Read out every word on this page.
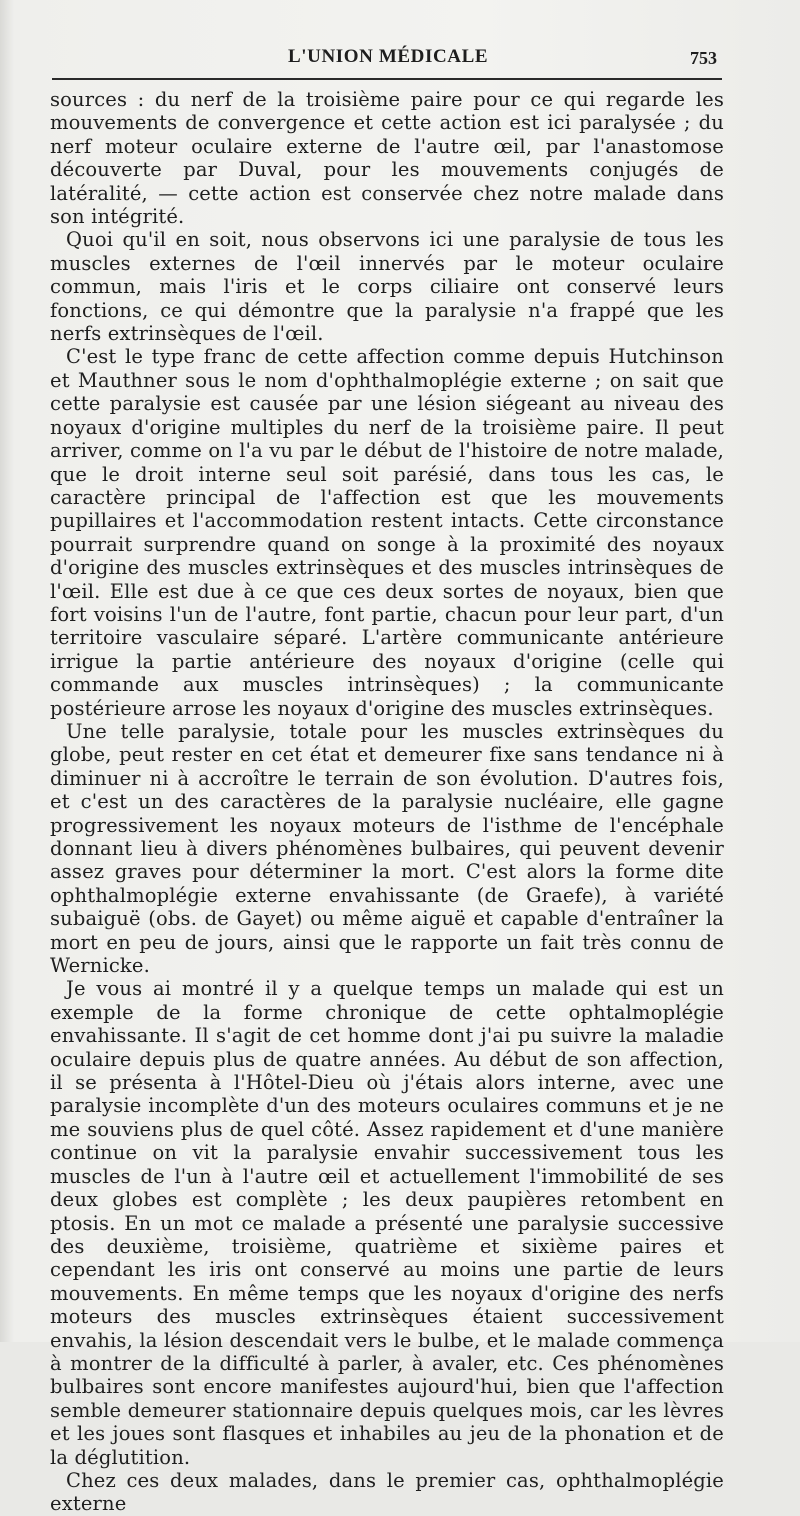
L'UNION MÉDICALE	753

sources : du nerf de la troisième paire pour ce qui regarde les mouvements de convergence et cette action est ici paralysée ; du nerf moteur oculaire externe de l'autre œil, par l'anastomose découverte par Duval, pour les mouvements conjugés de latéralité, — cette action est conservée chez notre malade dans son intégrité.

Quoi qu'il en soit, nous observons ici une paralysie de tous les muscles externes de l'œil innervés par le moteur oculaire commun, mais l'iris et le corps ciliaire ont conservé leurs fonctions, ce qui démontre que la paralysie n'a frappé que les nerfs extrinsèques de l'œil.

C'est le type franc de cette affection comme depuis Hutchinson et Mauthner sous le nom d'ophthalmoplégie externe ; on sait que cette paralysie est causée par une lésion siégeant au niveau des noyaux d'origine multiples du nerf de la troisième paire. Il peut arriver, comme on l'a vu par le début de l'histoire de notre malade, que le droit interne seul soit parésié, dans tous les cas, le caractère principal de l'affection est que les mouvements pupillaires et l'accommodation restent intacts. Cette circonstance pourrait surprendre quand on songe à la proximité des noyaux d'origine des muscles extrinsèques et des muscles intrinsèques de l'œil. Elle est due à ce que ces deux sortes de noyaux, bien que fort voisins l'un de l'autre, font partie, chacun pour leur part, d'un territoire vasculaire séparé. L'artère communicante antérieure irrigue la partie antérieure des noyaux d'origine (celle qui commande aux muscles intrinsèques) ; la communicante postérieure arrose les noyaux d'origine des muscles extrinsèques.

Une telle paralysie, totale pour les muscles extrinsèques du globe, peut rester en cet état et demeurer fixe sans tendance ni à diminuer ni à accroître le terrain de son évolution. D'autres fois, et c'est un des caractères de la paralysie nucléaire, elle gagne progressivement les noyaux moteurs de l'isthme de l'encéphale donnant lieu à divers phénomènes bulbaires, qui peuvent devenir assez graves pour déterminer la mort. C'est alors la forme dite ophthalmoplégie externe envahissante (de Graefe), à variété subaiguë (obs. de Gayet) ou même aiguë et capable d'entraîner la mort en peu de jours, ainsi que le rapporte un fait très connu de Wernicke.

Je vous ai montré il y a quelque temps un malade qui est un exemple de la forme chronique de cette ophtalmoplégie envahissante. Il s'agit de cet homme dont j'ai pu suivre la maladie oculaire depuis plus de quatre années. Au début de son affection, il se présenta à l'Hôtel-Dieu où j'étais alors interne, avec une paralysie incomplète d'un des moteurs oculaires communs et je ne me souviens plus de quel côté. Assez rapidement et d'une manière continue on vit la paralysie envahir successivement tous les muscles de l'un à l'autre œil et actuellement l'immobilité de ses deux globes est complète ; les deux paupières retombent en ptosis. En un mot ce malade a présenté une paralysie successive des deuxième, troisième, quatrième et sixième paires et cependant les iris ont conservé au moins une partie de leurs mouvements. En même temps que les noyaux d'origine des nerfs moteurs des muscles extrinsèques étaient successivement envahis, la lésion descendait vers le bulbe, et le malade commença à montrer de la difficulté à parler, à avaler, etc. Ces phénomènes bulbaires sont encore manifestes aujourd'hui, bien que l'affection semble demeurer stationnaire depuis quelques mois, car les lèvres et les joues sont flasques et inhabiles au jeu de la phonation et de la déglutition.

Chez ces deux malades, dans le premier cas, ophthalmoplégie externe
